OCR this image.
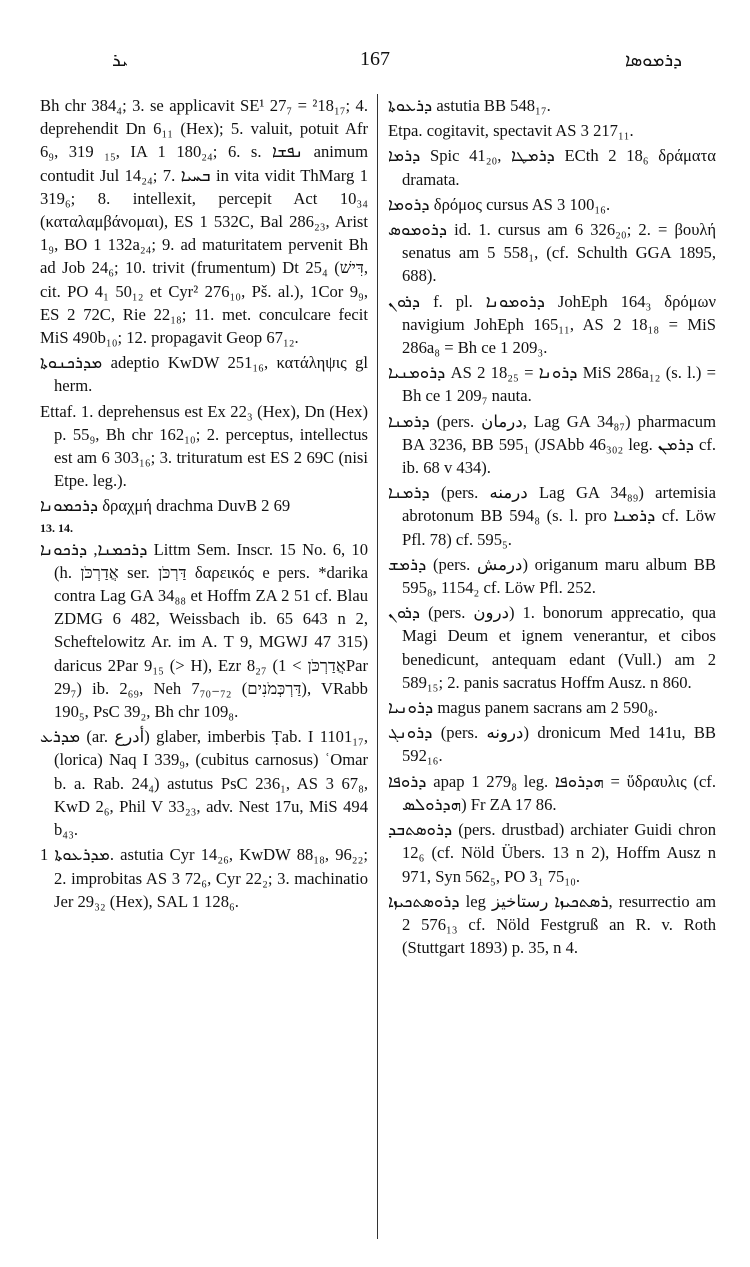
ܝܪ	167	ܕܪܡܘܣܐ

Bh chr 384₄; 3. se applicavit SE¹ 27₇ = ²18₁₇; 4. deprehendit Dn 6₁₁ (Hex); 5. valuit, potuit Afr 6₉, 319 ₁₅, IA 1 180₂₄; 6. s. ܢܦܫܐ animum contudit Jul 14₂₄; 7. ܒܚܝܐ in vita vidit ThMarg 1 319₆; 8. intellexit, percepit Act 10₃₄ (καταλαμβάνομαι), ES 1 532C, Bal 286₂₃, Arist 1₉, BO 1 132a₂₄; 9. ad maturitatem pervenit Bh ad Job 24₆; 10. trivit (frumentum) Dt 25₄ (דִּישׁ, cit. PO 4₁ 50₁₂ et Cyr² 276₁₀, Pš. al.), 1Cor 9₉, ES 2 72C, Rie 22₁₈; 11. met. conculcare fecit MiS 490b₁₀; 12. propagavit Geop 67₁₂.

ܡܕܪܟܢܘܬܐ adeptio KwDW 251₁₆, κατάληψις gl herm.

Ettaf. 1. deprehensus est Ex 22₃ (Hex), Dn (Hex) p. 55₉, Bh chr 162₁₀; 2. perceptus, intellectus est am 6 303₁₆; 3. trituratum est ES 2 69C (nisi Etpe. leg.).

ܕܪܟܡܘܢܐ δραχμή drachma DuvB 2 69

13. 14.

ܕܪܟܡܢܐ, ܕܪܟܘܢܐ Littm Sem. Inscr. 15 No. 6, 10 (h. אֲדַרְכֹּן ser. דַּרְכֹּן δαρεικός e pers. *darika contra Lag GA 34₈₈ et Hoffm ZA 2 51 cf. Blau ZDMG 6 482, Weissbach ib. 65 643 n 2, Scheftelowitz Ar. im A. T 9, MGWJ 47 315) daricus 2Par 9₁₅ (> H), Ezr 8₂₇ (אֲדַרְכֹּן > 1Par 29₇) ib. 2₆₉, Neh 7₇₀₋₇₂ (דַּרְכְּמֹנִים), VRabb 190₅, PsC 39₂, Bh chr 109₈.

ܡܕܪܥ (ar. أدرع) glaber, imberbis Ṭab. I 1101₁₇, (lorica) Naq I 339₉, (cubitus carnosus) ʿOmar b. a. Rab. 24₄) astutus PsC 236₁, AS 3 67₈, KwD 2₆, Phil V 33₂₃, adv. Nest 17u, MiS 494 b₄₃.

ܡܕܪܥܘܬܐ 1. astutia Cyr 14₂₆, KwDW 88₁₈, 96₂₂; 2. improbitas AS 3 72₆, Cyr 22₂; 3. machinatio Jer 29₃₂ (Hex), SAL 1 128₆.

ܕܪܥܘܬܐ astutia BB 548₁₇.

Etpa. cogitavit, spectavit AS 3 217₁₁.

ܕܪܡܐ Spic 41₂₀, ܕܪܡܛܐ ECth 2 18₆ δράματα dramata.

ܕܪܘܡܐ δρόμος cursus AS 3 100₁₆.

ܕܪܘܡܘܣ id. 1. cursus am 6 326₂₀; 2. = βουλή senatus am 5 558₁, (cf. Schulth GGA 1895, 688).

ܕܪܘܢ f. pl. ܕܪܘܡܘܢܐ JohEph 164₃ δρόμων navigium JohEph 165₁₁, AS 2 18₁₈ = MiS 286a₈ = Bh ce 1 209₃.

ܕܪܘܡܢܝܐ AS 2 18₂₅ = ܕܪܘܢܐ MiS 286a₁₂ (s. l.) = Bh ce 1 209₇ nauta.

ܕܪܡܢܐ (pers. درمان, Lag GA 34₈₇) pharmacum BA 3236, BB 595₁ (JSAbb 46₃₀₂ leg. ܕܪܡܢ cf. ib. 68 v 434).

ܕܪܡܢܐ (pers. درمنه Lag GA 34₈₉) artemisia abrotonum BB 594₈ (s. l. pro ܕܪܡܢܐ cf. Löw Pfl. 78) cf. 595₅.

ܕܪܡܫ (pers. درمش) origanum maru album BB 595₈, 1154₂ cf. Löw Pfl. 252.

ܕܪܘܢ (pers. درون) 1. bonorum apprecatio, qua Magi Deum et ignem venerantur, et cibos benedicunt, antequam edant (Vull.) am 2 589₁₅; 2. panis sacratus Hoffm Ausz. n 860.

ܕܪܘܢܝܐ magus panem sacrans am 2 590₈.

ܕܪܘܢܓ (pers. درونه) dronicum Med 141u, BB 592₁₆.

ܕܪܘܦܐ apap 1 279₈ leg. ܗܕܪܘܦܐ = ὕδραυλις (cf. ܗܕܪܘܠܣ) Fr ZA 17 86.

ܕܪܘܣܬܒܕ (pers. drustbad) archiater Guidi chron 12₆ (cf. Nöld Übers. 13 n 2), Hoffm Ausz n 971, Syn 562₅, PO 3₁ 75₁₀.

ܕܪܘܣܬܟܝܙܐ leg ܪܣܬܟܝܙܐ رستاخيز, resurrectio am 2 576₁₃ cf. Nöld Festgruß an R. v. Roth (Stuttgart 1893) p. 35, n 4.
